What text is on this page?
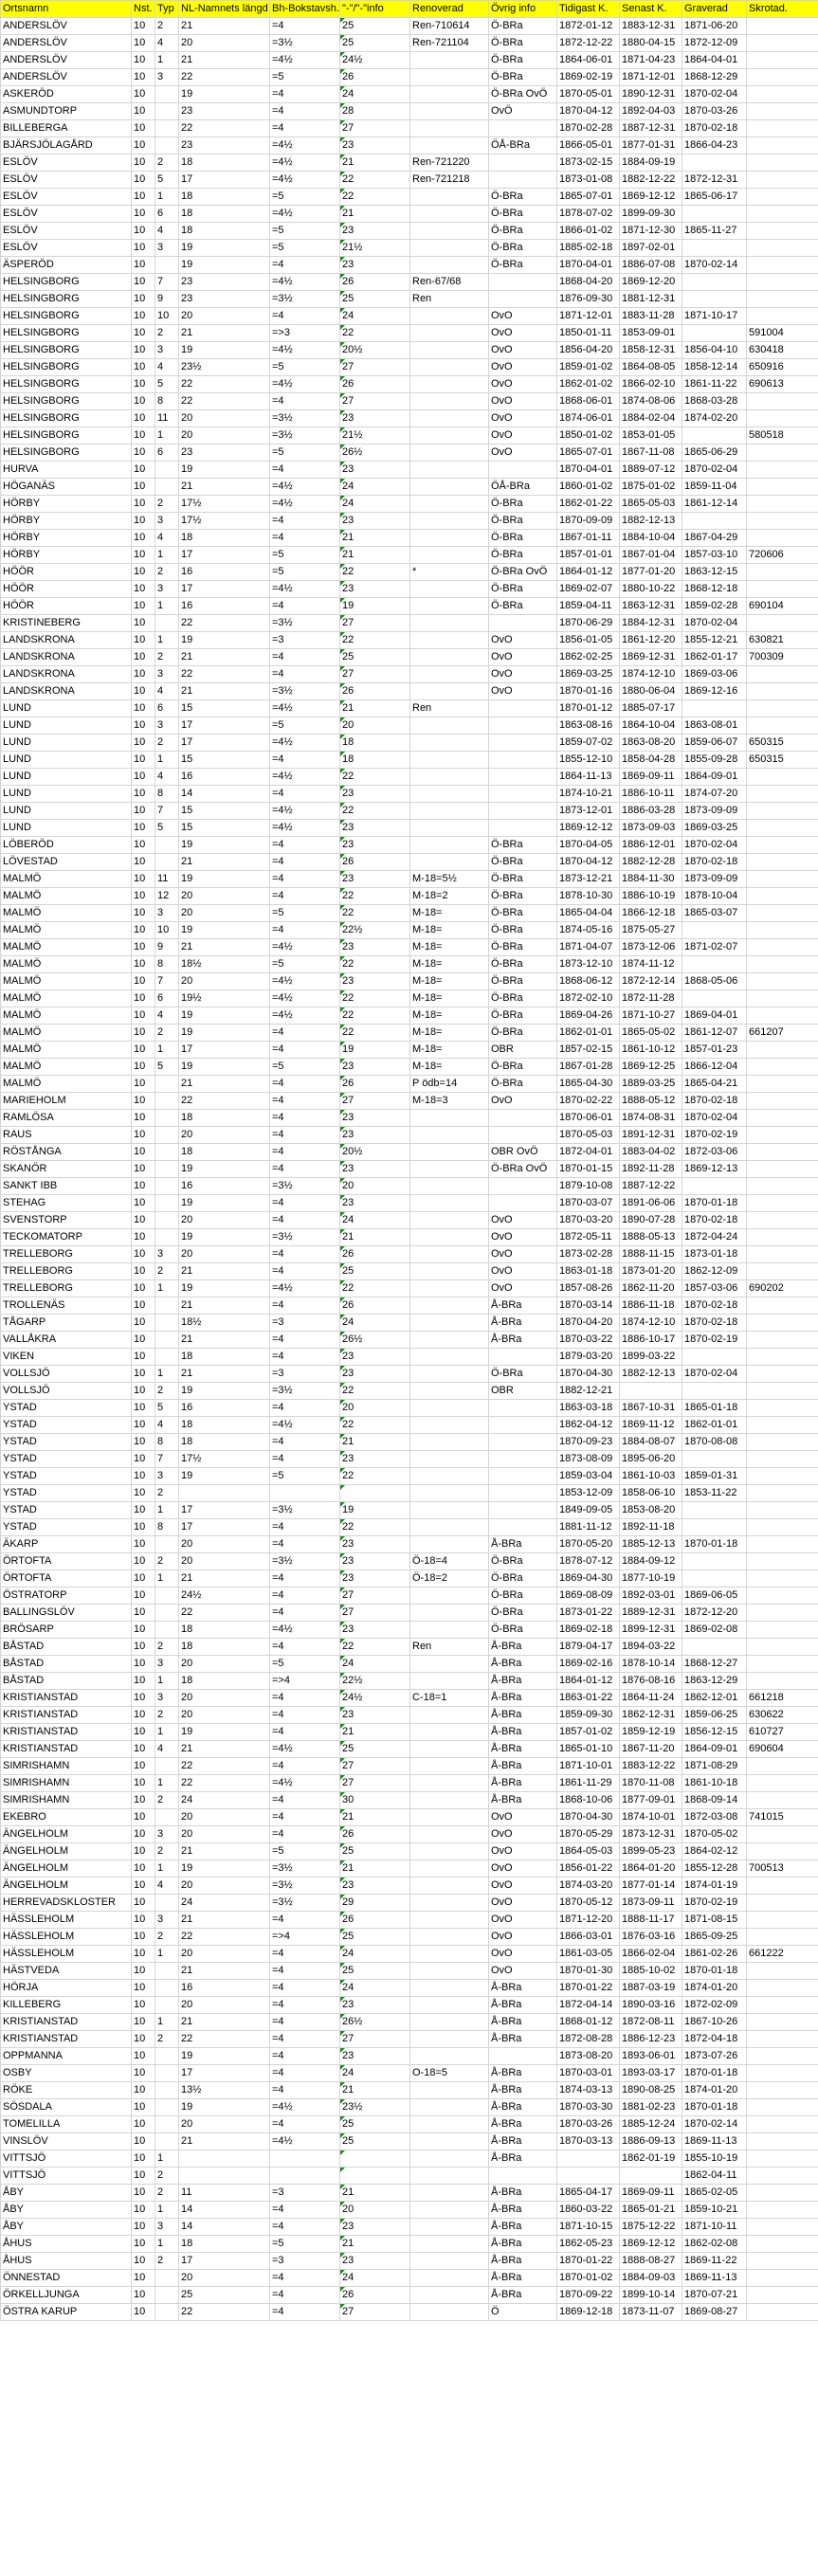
Ortsnamn	Nst.	Typ	NL-Namnets längd	Bh-Bokstavsh.	"-"/"-"info	Renoverad	Övrig info	Tidigast K.	Senast K.	Graverad	Skrotad.
ANDERSLÖV	10	2	21	=4	25	Ren-710614	Ö-BRa	1872-01-12	1883-12-31	1871-06-20	
ANDERSLÖV	10	4	20	=3½	25	Ren-721104	Ö-BRa	1872-12-22	1880-04-15	1872-12-09	
ANDERSLÖV	10	1	21	=4½	24½		Ö-BRa	1864-06-01	1871-04-23	1864-04-01	
ANDERSLÖV	10	3	22	=5	26		Ö-BRa	1869-02-19	1871-12-01	1868-12-29	
ASKERÖD	10		19	=4	24		Ö-BRa OvÖ	1870-05-01	1890-12-31	1870-02-04	
ASMUNDTORP	10		23	=4	28		OvÖ	1870-04-12	1892-04-03	1870-03-26	
BILLEBERGA	10		22	=4	27			1870-02-28	1887-12-31	1870-02-18	
BJÄRSJÖLAGÅRD	10		23	=4½	23		ÖÅ-BRa	1866-05-01	1877-01-31	1866-04-23	
ESLÖV	10	2	18	=4½	21	Ren-721220		1873-02-15	1884-09-19		
ESLÖV	10	5	17	=4½	22	Ren-721218		1873-01-08	1882-12-22	1872-12-31	
ESLÖV	10	1	18	=5	22		Ö-BRa	1865-07-01	1869-12-12	1865-06-17	
ESLÖV	10	6	18	=4½	21		Ö-BRa	1878-07-02	1899-09-30		
ESLÖV	10	4	18	=5	23		Ö-BRa	1866-01-02	1871-12-30	1865-11-27	
ESLÖV	10	3	19	=5	21½		Ö-BRa	1885-02-18	1897-02-01		
ÄSPERÖD	10		19	=4	23		Ö-BRa	1870-04-01	1886-07-08	1870-02-14	
HELSINGBORG	10	7	23	=4½	26	Ren-67/68		1868-04-20	1869-12-20		
HELSINGBORG	10	9	23	=3½	25	Ren		1876-09-30	1881-12-31		
HELSINGBORG	10	10	20	=4	24		OvO	1871-12-01	1883-11-28	1871-10-17	
HELSINGBORG	10	2	21	=>3	22		OvO	1850-01-11	1853-09-01		591004
HELSINGBORG	10	3	19	=4½	20½		OvO	1856-04-20	1858-12-31	1856-04-10	630418
HELSINGBORG	10	4	23½	=5	27		OvO	1859-01-02	1864-08-05	1858-12-14	650916
HELSINGBORG	10	5	22	=4½	26		OvO	1862-01-02	1866-02-10	1861-11-22	690613
HELSINGBORG	10	8	22	=4	27		OvO	1868-06-01	1874-08-06	1868-03-28	
HELSINGBORG	10	11	20	=3½	23		OvO	1874-06-01	1884-02-04	1874-02-20	
HELSINGBORG	10	1	20	=3½	21½		OvO	1850-01-02	1853-01-05		580518
HELSINGBORG	10	6	23	=5	26½		OvO	1865-07-01	1867-11-08	1865-06-29	
HURVA	10		19	=4	23			1870-04-01	1889-07-12	1870-02-04	
HÖGANÄS	10		21	=4½	24		ÖÅ-BRa	1860-01-02	1875-01-02	1859-11-04	
HÖRBY	10	2	17½	=4½	24		Ö-BRa	1862-01-22	1865-05-03	1861-12-14	
HÖRBY	10	3	17½	=4	23		Ö-BRa	1870-09-09	1882-12-13		
HÖRBY	10	4	18	=4	21		Ö-BRa	1867-01-11	1884-10-04	1867-04-29	
HÖRBY	10	1	17	=5	21		Ö-BRa	1857-01-01	1867-01-04	1857-03-10	720606
HÖÖR	10	2	16	=5	22	*	Ö-BRa OvÖ	1864-01-12	1877-01-20	1863-12-15	
HÖÖR	10	3	17	=4½	23		Ö-BRa	1869-02-07	1880-10-22	1868-12-18	
HÖÖR	10	1	16	=4	19		Ö-BRa	1859-04-11	1863-12-31	1859-02-28	690104
KRISTINEBERG	10		22	=3½	27			1870-06-29	1884-12-31	1870-02-04	
LANDSKRONA	10	1	19	=3	22		OvO	1856-01-05	1861-12-20	1855-12-21	630821
LANDSKRONA	10	2	21	=4	25		OvO	1862-02-25	1869-12-31	1862-01-17	700309
LANDSKRONA	10	3	22	=4	27		OvO	1869-03-25	1874-12-10	1869-03-06	
LANDSKRONA	10	4	21	=3½	26		OvO	1870-01-16	1880-06-04	1869-12-16	
LUND	10	6	15	=4½	21	Ren		1870-01-12	1885-07-17		
LUND	10	3	17	=5	20			1863-08-16	1864-10-04	1863-08-01	
LUND	10	2	17	=4½	18			1859-07-02	1863-08-20	1859-06-07	650315
LUND	10	1	15	=4	18			1855-12-10	1858-04-28	1855-09-28	650315
LUND	10	4	16	=4½	22			1864-11-13	1869-09-11	1864-09-01	
LUND	10	8	14	=4	23			1874-10-21	1886-10-11	1874-07-20	
LUND	10	7	15	=4½	22			1873-12-01	1886-03-28	1873-09-09	
LUND	10	5	15	=4½	23			1869-12-12	1873-09-03	1869-03-25	
LÖBERÖD	10		19	=4	23		Ö-BRa	1870-04-05	1886-12-01	1870-02-04	
LÖVESTAD	10		21	=4	26		Ö-BRa	1870-04-12	1882-12-28	1870-02-18	
MALMÖ	10	11	19	=4	23	M-18=5½	Ö-BRa	1873-12-21	1884-11-30	1873-09-09	
MALMÖ	10	12	20	=4	22	M-18=2	Ö-BRa	1878-10-30	1886-10-19	1878-10-04	
MALMÖ	10	3	20	=5	22	M-18=	Ö-BRa	1865-04-04	1866-12-18	1865-03-07	
MALMÖ	10	10	19	=4	22½	M-18=	Ö-BRa	1874-05-16	1875-05-27		
MALMÖ	10	9	21	=4½	23	M-18=	Ö-BRa	1871-04-07	1873-12-06	1871-02-07	
MALMÖ	10	8	18½	=5	22	M-18=	Ö-BRa	1873-12-10	1874-11-12		
MALMÖ	10	7	20	=4½	23	M-18=	Ö-BRa	1868-06-12	1872-12-14	1868-05-06	
MALMÖ	10	6	19½	=4½	22	M-18=	Ö-BRa	1872-02-10	1872-11-28		
MALMÖ	10	4	19	=4½	22	M-18=	Ö-BRa	1869-04-26	1871-10-27	1869-04-01	
MALMÖ	10	2	19	=4	22	M-18=	Ö-BRa	1862-01-01	1865-05-02	1861-12-07	661207
MALMÖ	10	1	17	=4	19	M-18=	OBR	1857-02-15	1861-10-12	1857-01-23	
MALMÖ	10	5	19	=5	23	M-18=	Ö-BRa	1867-01-28	1869-12-25	1866-12-04	
MALMÖ	10		21	=4	26	P ödb=14	Ö-BRa	1865-04-30	1889-03-25	1865-04-21	
MARIEHOLM	10		22	=4	27	M-18=3	OvO	1870-02-22	1888-05-12	1870-02-18	
RAMLÖSA	10		18	=4	23			1870-06-01	1874-08-31	1870-02-04	
RAUS	10		20	=4	23			1870-05-03	1891-12-31	1870-02-19	
RÖSTÅNGA	10		18	=4	20½		OBR OvÖ	1872-04-01	1883-04-02	1872-03-06	
SKANÖR	10		19	=4	23		Ö-BRa OvÖ	1870-01-15	1892-11-28	1869-12-13	
SANKT IBB	10		16	=3½	20			1879-10-08	1887-12-22		
STEHAG	10		19	=4	23			1870-03-07	1891-06-06	1870-01-18	
SVENSTORP	10		20	=4	24		OvO	1870-03-20	1890-07-28	1870-02-18	
TECKOMATORP	10		19	=3½	21		OvO	1872-05-11	1888-05-13	1872-04-24	
TRELLEBORG	10	3	20	=4	26		OvO	1873-02-28	1888-11-15	1873-01-18	
TRELLEBORG	10	2	21	=4	25		OvO	1863-01-18	1873-01-20	1862-12-09	
TRELLEBORG	10	1	19	=4½	22		OvO	1857-08-26	1862-11-20	1857-03-06	690202
TROLLENÄS	10		21	=4	26		Å-BRa	1870-03-14	1886-11-18	1870-02-18	
TÅGARP	10		18½	=3	24		Å-BRa	1870-04-20	1874-12-10	1870-02-18	
VALLÅKRA	10		21	=4	26½		Å-BRa	1870-03-22	1886-10-17	1870-02-19	
VIKEN	10		18	=4	23			1879-03-20	1899-03-22		
VOLLSJÖ	10	1	21	=3	23		Ö-BRa	1870-04-30	1882-12-13	1870-02-04	
VOLLSJÖ	10	2	19	=3½	22		OBR	1882-12-21			
YSTAD	10	5	16	=4	20			1863-03-18	1867-10-31	1865-01-18	
YSTAD	10	4	18	=4½	22			1862-04-12	1869-11-12	1862-01-01	
YSTAD	10	8	18	=4	21			1870-09-23	1884-08-07	1870-08-08	
YSTAD	10	7	17½	=4	23			1873-08-09	1895-06-20		
YSTAD	10	3	19	=5	22			1859-03-04	1861-10-03	1859-01-31	
YSTAD	10	2						1853-12-09	1858-06-10	1853-11-22	
YSTAD	10	1	17	=3½	19			1849-09-05	1853-08-20		
YSTAD	10	8	17	=4	22			1881-11-12	1892-11-18		
ÄKARP	10		20	=4	23		Å-BRa	1870-05-20	1885-12-13	1870-01-18	
ÖRTOFTA	10	2	20	=3½	23	Ö-18=4	Ö-BRa	1878-07-12	1884-09-12		
ÖRTOFTA	10	1	21	=4	23	Ö-18=2	Ö-BRa	1869-04-30	1877-10-19		
ÖSTRATORP	10		24½	=4	27		Ö-BRa	1869-08-09	1892-03-01	1869-06-05	
BALLINGSLÖV	10		22	=4	27		Ö-BRa	1873-01-22	1889-12-31	1872-12-20	
BRÖSARP	10		18	=4½	23		Ö-BRa	1869-02-18	1899-12-31	1869-02-08	
BÅSTAD	10	2	18	=4	22	Ren	Å-BRa	1879-04-17	1894-03-22		
BÅSTAD	10	3	20	=5	24		Å-BRa	1869-02-16	1878-10-14	1868-12-27	
BÅSTAD	10	1	18	=>4	22½		Å-BRa	1864-01-12	1876-08-16	1863-12-29	
KRISTIANSTAD	10	3	20	=4	24½	C-18=1	Å-BRa	1863-01-22	1864-11-24	1862-12-01	661218
KRISTIANSTAD	10	2	20	=4	23		Å-BRa	1859-09-30	1862-12-31	1859-06-25	630622
KRISTIANSTAD	10	1	19	=4	21		Å-BRa	1857-01-02	1859-12-19	1856-12-15	610727
KRISTIANSTAD	10	4	21	=4½	25		Å-BRa	1865-01-10	1867-11-20	1864-09-01	690604
SIMRISHAMN	10		22	=4	27		Å-BRa	1871-10-01	1883-12-22	1871-08-29	
SIMRISHAMN	10	1	22	=4½	27		Å-BRa	1861-11-29	1870-11-08	1861-10-18	
SIMRISHAMN	10	2	24	=4	30		Å-BRa	1868-10-06	1877-09-01	1868-09-14	
EKEBRO	10		20	=4	21		OvO	1870-04-30	1874-10-01	1872-03-08	741015
ÄNGELHOLM	10	3	20	=4	26		OvO	1870-05-29	1873-12-31	1870-05-02	
ÄNGELHOLM	10	2	21	=5	25		OvO	1864-05-03	1899-05-23	1864-02-12	
ÄNGELHOLM	10	1	19	=3½	21		OvO	1856-01-22	1864-01-20	1855-12-28	700513
ÄNGELHOLM	10	4	20	=3½	23		OvO	1874-03-20	1877-01-14	1874-01-19	
HERREVADSKLOSTER	10		24	=3½	29		OvO	1870-05-12	1873-09-11	1870-02-19	
HÄSSLEHOLM	10	3	21	=4	26		OvO	1871-12-20	1888-11-17	1871-08-15	
HÄSSLEHOLM	10	2	22	=>4	25		OvO	1866-03-01	1876-03-16	1865-09-25	
HÄSSLEHOLM	10	1	20	=4	24		OvO	1861-03-05	1866-02-04	1861-02-26	661222
HÄSTVEDA	10		21	=4	25		OvO	1870-01-30	1885-10-02	1870-01-18	
HÖRJA	10		16	=4	24		Å-BRa	1870-01-22	1887-03-19	1874-01-20	
KILLEBERG	10		20	=4	23		Å-BRa	1872-04-14	1890-03-16	1872-02-09	
KRISTIANSTAD	10	1	21	=4	26½		Å-BRa	1868-01-12	1872-08-11	1867-10-26	
KRISTIANSTAD	10	2	22	=4	27		Å-BRa	1872-08-28	1886-12-23	1872-04-18	
OPPMANNA	10		19	=4	23			1873-08-20	1893-06-01	1873-07-26	
OSBY	10		17	=4	24	O-18=5	Å-BRa	1870-03-01	1893-03-17	1870-01-18	
RÖKE	10		13½	=4	21		Å-BRa	1874-03-13	1890-08-25	1874-01-20	
SÖSDALA	10		19	=4½	23½		Å-BRa	1870-03-30	1881-02-23	1870-01-18	
TOMELILLA	10		20	=4	25		Å-BRa	1870-03-26	1885-12-24	1870-02-14	
VINSLÖV	10		21	=4½	25		Å-BRa	1870-03-13	1886-09-13	1869-11-13	
VITTSJÖ	10	1					Å-BRa		1862-01-19	1855-10-19	
VITTSJÖ	10	2								1862-04-11	
ÅBY	10	2	11	=3	21		Å-BRa	1865-04-17	1869-09-11	1865-02-05	
ÅBY	10	1	14	=4	20		Å-BRa	1860-03-22	1865-01-21	1859-10-21	
ÅBY	10	3	14	=4	23		Å-BRa	1871-10-15	1875-12-22	1871-10-11	
ÅHUS	10	1	18	=5	21		Å-BRa	1862-05-23	1869-12-12	1862-02-08	
ÅHUS	10	2	17	=3	23		Å-BRa	1870-01-22	1888-08-27	1869-11-22	
ÖNNESTAD	10		20	=4	24		Å-BRa	1870-01-02	1884-09-03	1869-11-13	
ÖRKELLJUNGA	10		25	=4	26		Å-BRa	1870-09-22	1899-10-14	1870-07-21	
ÖSTRA KARUP	10		22	=4	27		Ö	1869-12-18	1873-11-07	1869-08-27	
